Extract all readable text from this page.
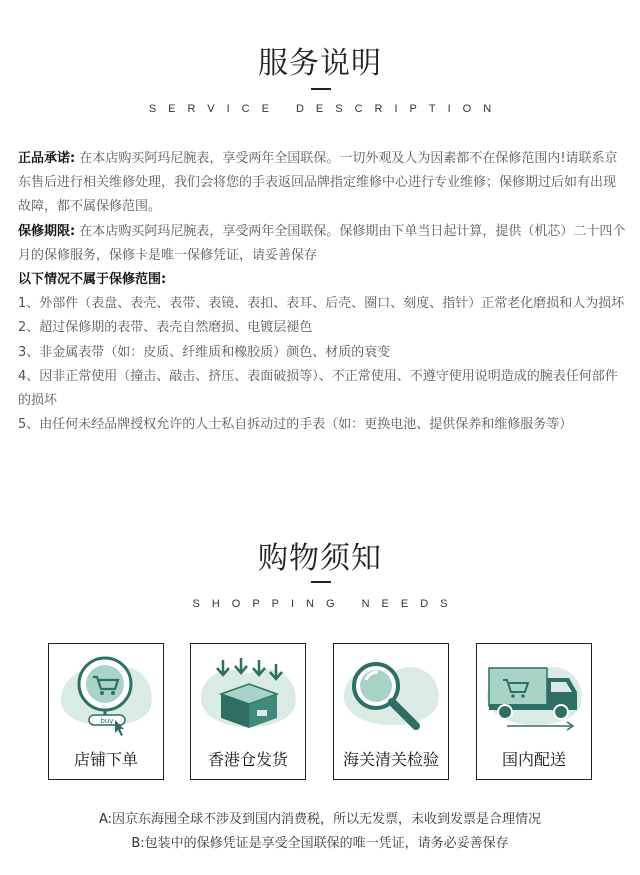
服务说明
SERVICE DESCRIPTION

正品承诺: 在本店购买阿玛尼腕表，享受两年全国联保。一切外观及人为因素都不在保修范围内!请联系京东售后进行相关维修处理，我们会将您的手表返回品牌指定维修中心进行专业维修；保修期过后如有出现故障，都不属保修范围。

保修期限: 在本店购买阿玛尼腕表，享受两年全国联保。保修期由下单当日起计算，提供（机芯）二十四个月的保修服务，保修卡是唯一保修凭证，请妥善保存

以下情况不属于保修范围:

1、外部件（表盘、表壳、表带、表镜、表扣、表耳、后壳、圈口、刻度、指针）正常老化磨损和人为损坏

2、超过保修期的表带、表壳自然磨损、电镀层褪色

3、非金属表带（如：皮质、纤维质和橡胶质）颜色、材质的衰变

4、因非正常使用（撞击、敲击、挤压、表面破损等）、不正常使用、不遵守使用说明造成的腕表任何部件的损坏

5、由任何未经品牌授权允许的人士私自拆动过的手表（如：更换电池、提供保养和维修服务等）

购物须知
SHOPPING NEEDS
buy
店铺下单	香港仓发货	海关清关检验	国内配送
A:因京东海囤全球不涉及到国内消费税，所以无发票，未收到发票是合理情况
B:包装中的保修凭证是享受全国联保的唯一凭证，请务必妥善保存
